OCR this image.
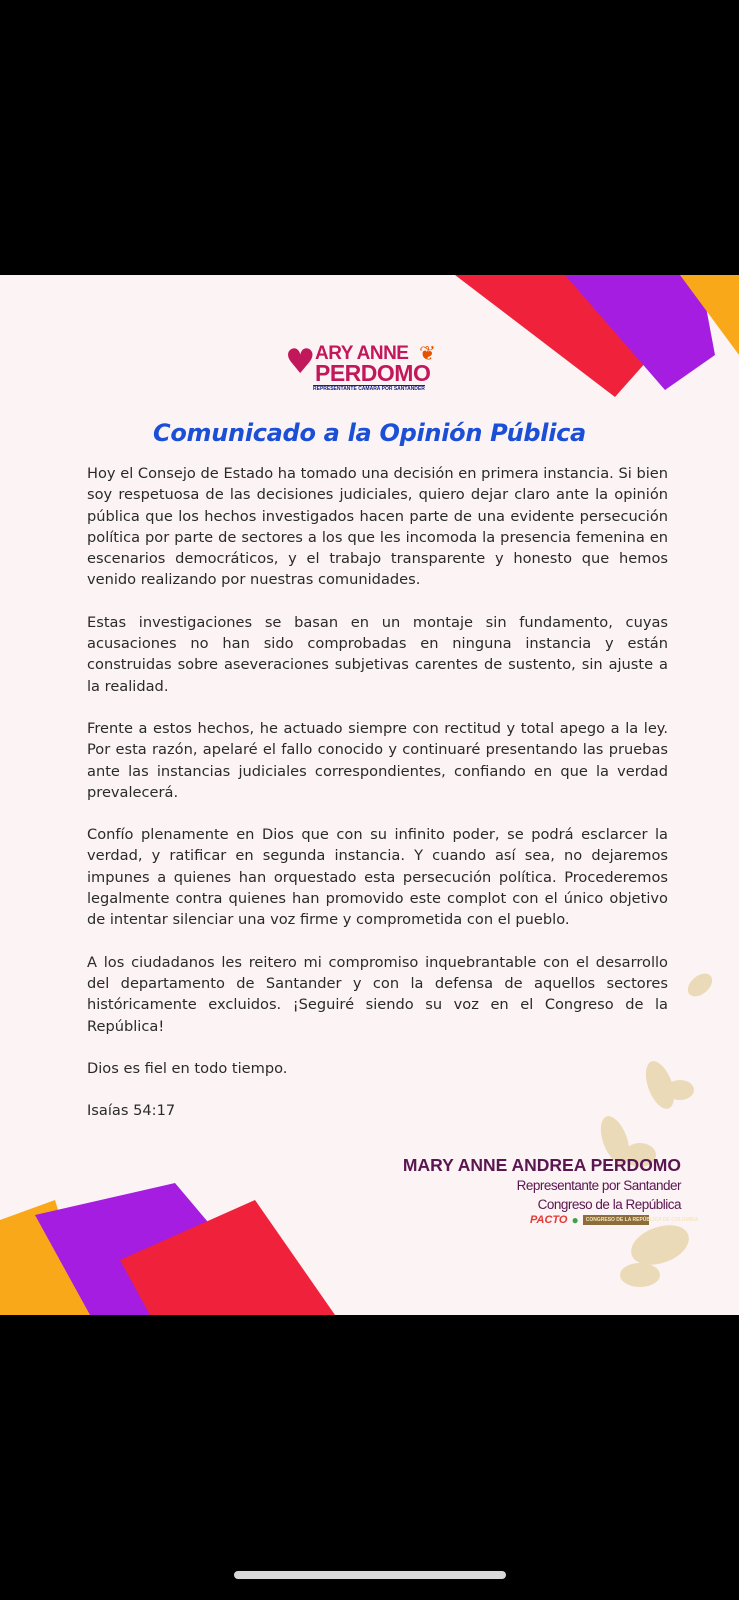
♥ ARY ANNE
PERDOMO
❦
REPRESENTANTE CÁMARA POR SANTANDER
Comunicado a la Opinión Pública

Hoy el Consejo de Estado ha tomado una decisión en primera instancia. Si bien soy respetuosa de las decisiones judiciales, quiero dejar claro ante la opinión pública que los hechos investigados hacen parte de una evidente persecución política por parte de sectores a los que les incomoda la presencia femenina en escenarios democráticos, y el trabajo transparente y honesto que hemos venido realizando por nuestras comunidades.

Estas investigaciones se basan en un montaje sin fundamento, cuyas acusaciones no han sido comprobadas en ninguna instancia y están construidas sobre aseveraciones subjetivas carentes de sustento, sin ajuste a la realidad.

Frente a estos hechos, he actuado siempre con rectitud y total apego a la ley. Por esta razón, apelaré el fallo conocido y continuaré presentando las pruebas ante las instancias judiciales correspondientes, confiando en que la verdad prevalecerá.

Confío plenamente en Dios que con su infinito poder, se podrá esclarcer la verdad, y ratificar en segunda instancia. Y cuando así sea, no dejaremos impunes a quienes han orquestado esta persecución política. Procederemos legalmente contra quienes han promovido este complot con el único objetivo de intentar silenciar una voz firme y comprometida con el pueblo.

A los ciudadanos les reitero mi compromiso inquebrantable con el desarrollo del departamento de Santander y con la defensa de aquellos sectores históricamente excluidos. ¡Seguiré siendo su voz en el Congreso de la República!

Dios es fiel en todo tiempo.

Isaías 54:17

MARY ANNE ANDREA PERDOMO
Representante por Santander
Congreso de la República
PACTO ●	CONGRESO DE LA REPÚBLICA DE COLOMBIA
